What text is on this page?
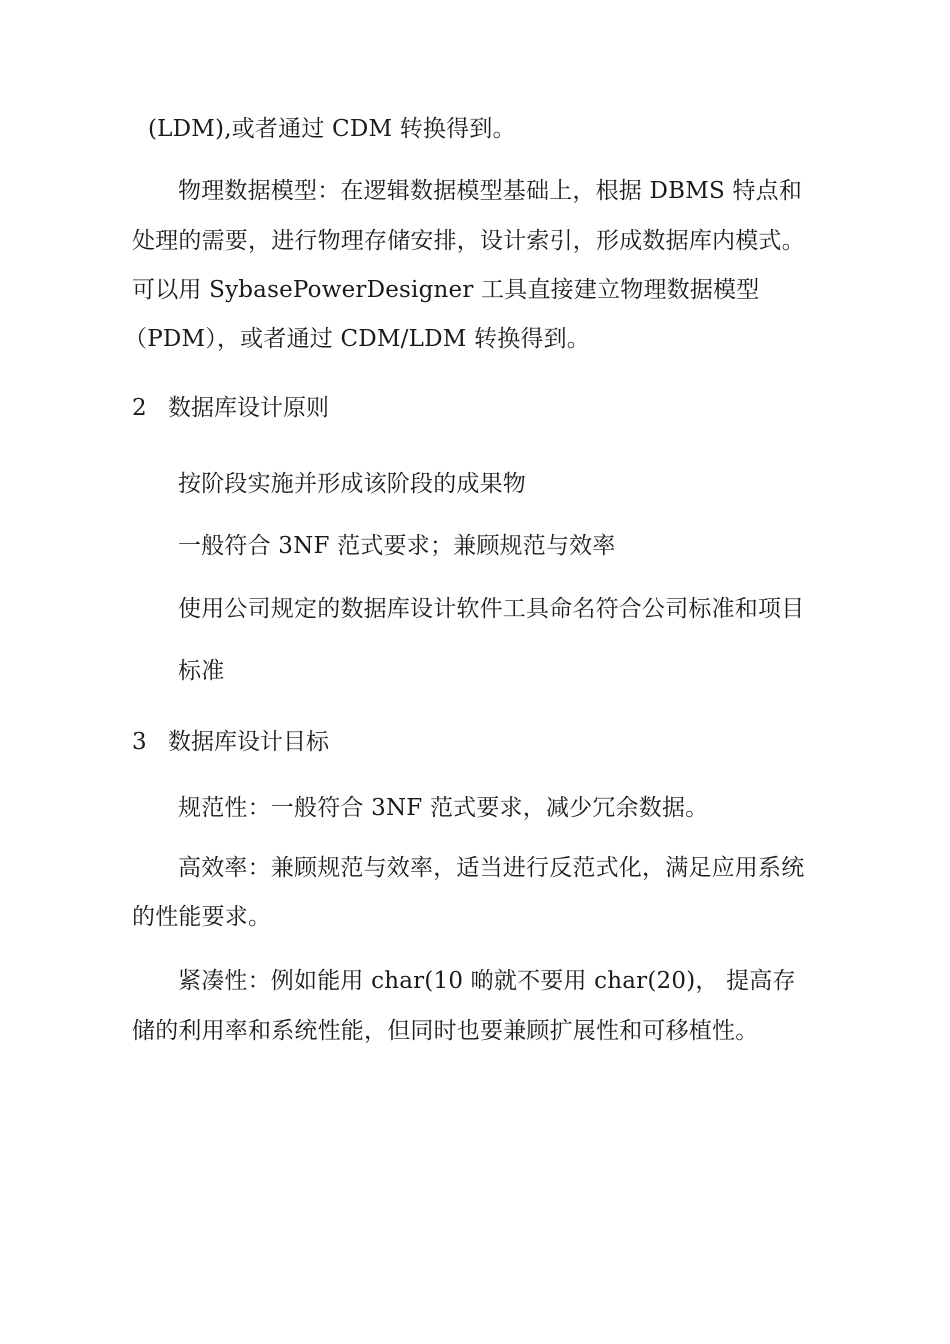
(LDM),或者通过 CDM 转换得到。
物理数据模型：在逻辑数据模型基础上，根据 DBMS 特点和
处理的需要，进行物理存储安排，设计索引，形成数据库内模式。
可以用 SybasePowerDesigner 工具直接建立物理数据模型
（PDM），或者通过 CDM/LDM 转换得到。
2 数据库设计原则
按阶段实施并形成该阶段的成果物
一般符合 3NF 范式要求；兼顾规范与效率
使用公司规定的数据库设计软件工具命名符合公司标准和项目
标准
3 数据库设计目标
规范性：一般符合 3NF 范式要求，减少冗余数据。
高效率：兼顾规范与效率，适当进行反范式化，满足应用系统
的性能要求。
紧凑性：例如能用 char(10 啲就不要用 char(20)， 提高存
储的利用率和系统性能，但同时也要兼顾扩展性和可移植性。
